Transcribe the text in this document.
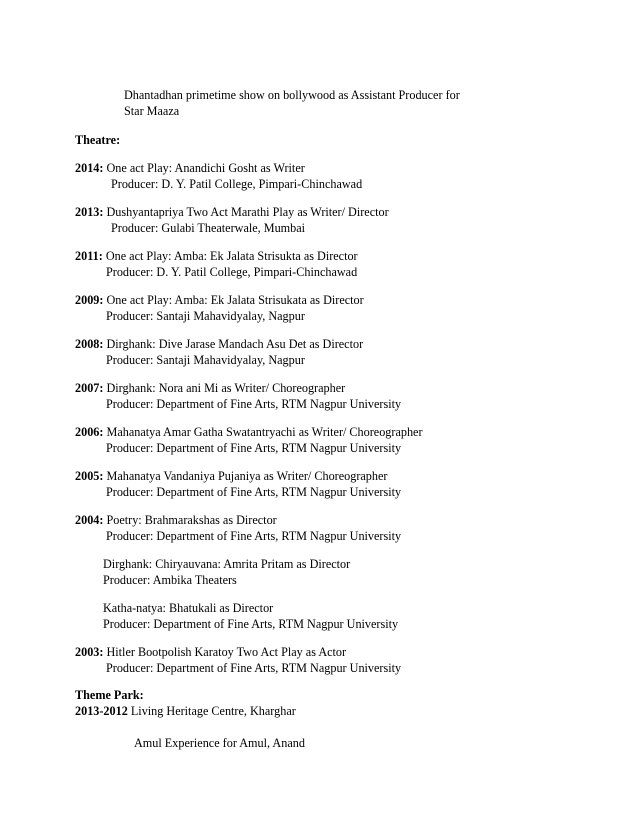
Dhantadhan primetime show on bollywood as Assistant Producer for
Star Maaza
Theatre:
2014: One act Play: Anandichi Gosht as Writer
Producer: D. Y. Patil College, Pimpari-Chinchawad
2013: Dushyantapriya Two Act Marathi Play as Writer/ Director
Producer: Gulabi Theaterwale, Mumbai
2011: One act Play: Amba: Ek Jalata Strisukta as Director
Producer: D. Y. Patil College, Pimpari-Chinchawad
2009: One act Play: Amba: Ek Jalata Strisukata as Director
Producer: Santaji Mahavidyalay, Nagpur
2008: Dirghank: Dive Jarase Mandach Asu Det as Director
Producer: Santaji Mahavidyalay, Nagpur
2007: Dirghank: Nora ani Mi as Writer/ Choreographer
Producer: Department of Fine Arts, RTM Nagpur University
2006: Mahanatya Amar Gatha Swatantryachi as Writer/ Choreographer
Producer: Department of Fine Arts, RTM Nagpur University
2005: Mahanatya Vandaniya Pujaniya as Writer/ Choreographer
Producer: Department of Fine Arts, RTM Nagpur University
2004: Poetry: Brahmarakshas as Director
Producer: Department of Fine Arts, RTM Nagpur University
Dirghank: Chiryauvana: Amrita Pritam as Director
Producer: Ambika Theaters
Katha-natya: Bhatukali as Director
Producer: Department of Fine Arts, RTM Nagpur University
2003: Hitler Bootpolish Karatoy Two Act Play as Actor
Producer: Department of Fine Arts, RTM Nagpur University
Theme Park:
2013-2012 Living Heritage Centre, Kharghar
Amul Experience for Amul, Anand
